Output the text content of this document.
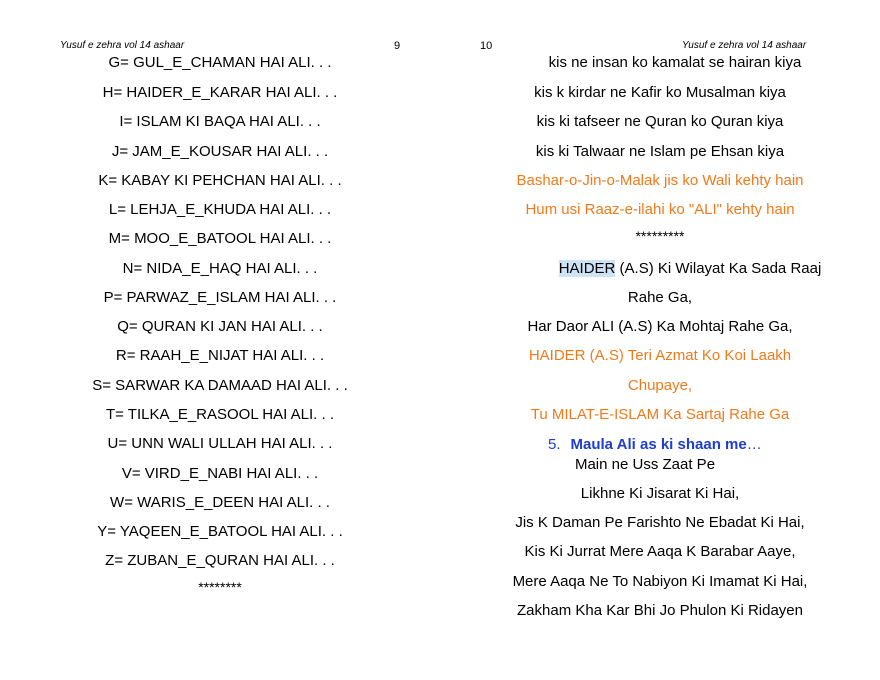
Yusuf e zehra vol 14 ashaar	9
G= GUL_E_CHAMAN HAI ALI. . .
H= HAIDER_E_KARAR HAI ALI. . .
I= ISLAM KI BAQA HAI ALI. . .
J= JAM_E_KOUSAR HAI ALI. . .
K= KABAY KI PEHCHAN HAI ALI. . .
L= LEHJA_E_KHUDA HAI ALI. . .
M= MOO_E_BATOOL HAI ALI. . .
N= NIDA_E_HAQ HAI ALI. . .
P= PARWAZ_E_ISLAM HAI ALI. . .
Q= QURAN KI JAN HAI ALI. . .
R= RAAH_E_NIJAT HAI ALI. . .
S= SARWAR KA DAMAAD HAI ALI. . .
T= TILKA_E_RASOOL HAI ALI. . .
U= UNN WALI ULLAH HAI ALI. . .
V= VIRD_E_NABI HAI ALI. . .
W= WARIS_E_DEEN HAI ALI. . .
Y= YAQEEN_E_BATOOL HAI ALI. . .
Z= ZUBAN_E_QURAN HAI ALI. . .
********
10	Yusuf e zehra vol 14 ashaar
kis ne insan ko kamalat se hairan kiya
kis k kirdar ne Kafir ko Musalman kiya
kis ki tafseer ne Quran ko Quran kiya
kis ki Talwaar ne Islam pe Ehsan kiya
Bashar-o-Jin-o-Malak jis ko Wali kehty hain
Hum usi Raaz-e-ilahi ko "ALI" kehty hain
*********
HAIDER (A.S) Ki Wilayat Ka Sada Raaj
Rahe Ga,
Har Daor ALI (A.S) Ka Mohtaj Rahe Ga,
HAIDER (A.S) Teri Azmat Ko Koi Laakh
Chupaye,
Tu MILAT-E-ISLAM Ka Sartaj Rahe Ga
5. Maula Ali as ki shaan me…
Main ne Uss Zaat Pe
Likhne Ki Jisarat Ki Hai,
Jis K Daman Pe Farishto Ne Ebadat Ki Hai,
Kis Ki Jurrat Mere Aaqa K Barabar Aaye,
Mere Aaqa Ne To Nabiyon Ki Imamat Ki Hai,
Zakham Kha Kar Bhi Jo Phulon Ki Ridayen
